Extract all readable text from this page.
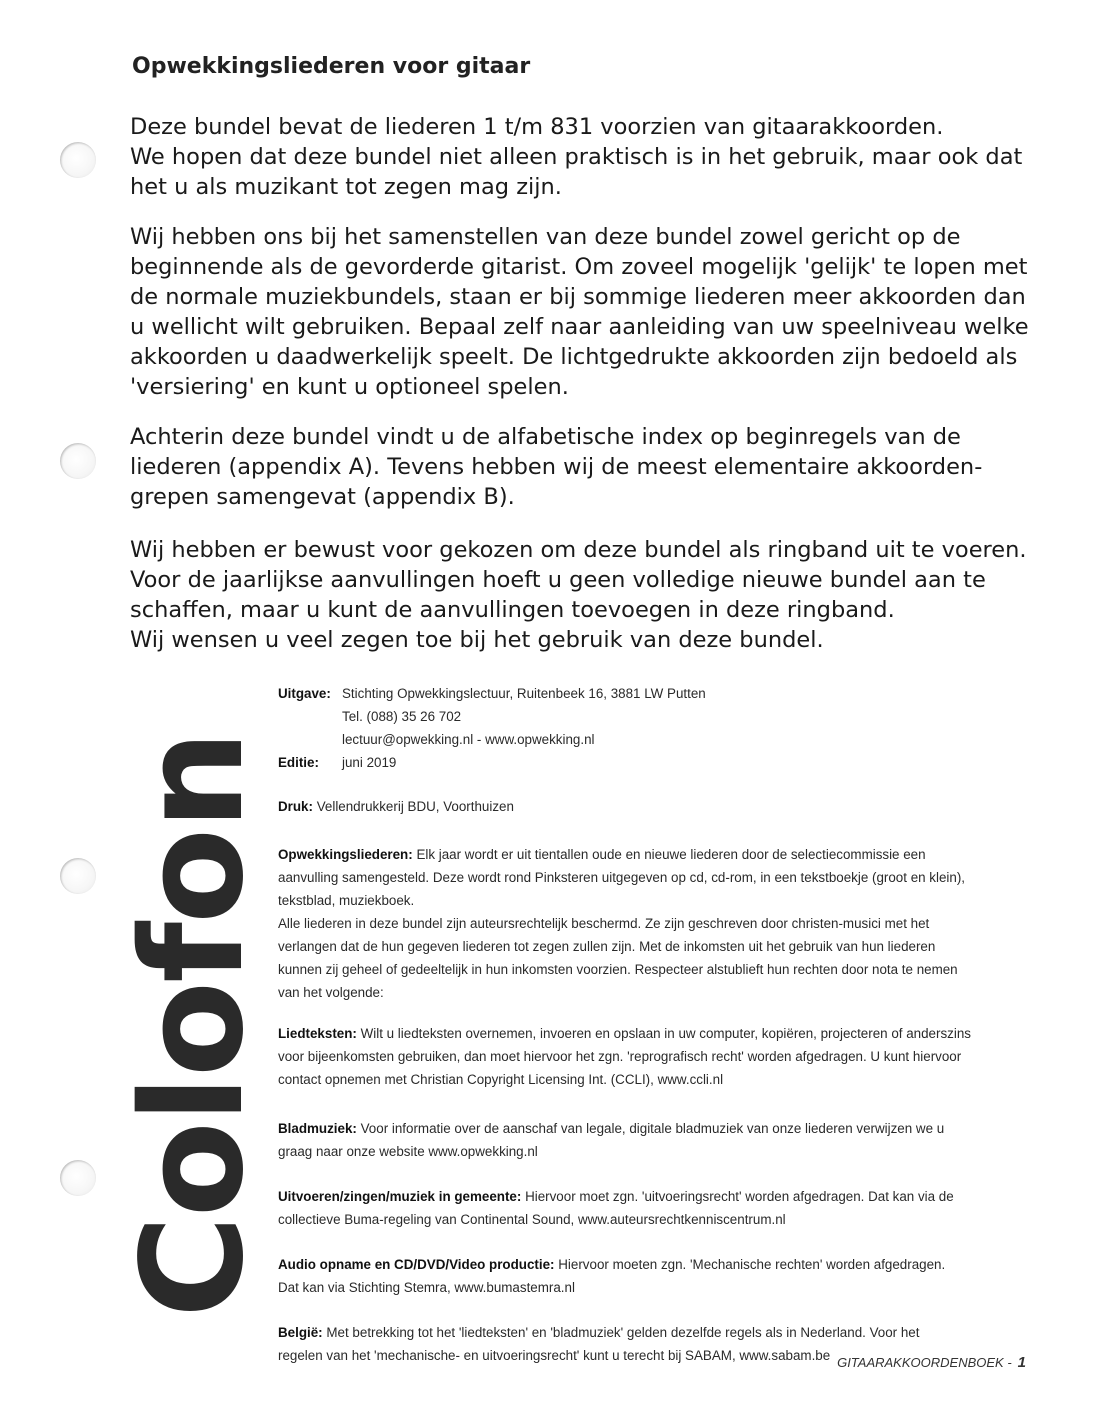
Opwekkingsliederen voor gitaar
Deze bundel bevat de liederen 1 t/m 831 voorzien van gitaarakkoorden.
We hopen dat deze bundel niet alleen praktisch is in het gebruik, maar ook dat
het u als muzikant tot zegen mag zijn.
Wij hebben ons bij het samenstellen van deze bundel zowel gericht op de
beginnende als de gevorderde gitarist. Om zoveel mogelijk 'gelijk' te lopen met
de normale muziekbundels, staan er bij sommige liederen meer akkoorden dan
u wellicht wilt gebruiken. Bepaal zelf naar aanleiding van uw speelniveau welke
akkoorden u daadwerkelijk speelt. De lichtgedrukte akkoorden zijn bedoeld als
'versiering' en kunt u optioneel spelen.
Achterin deze bundel vindt u de alfabetische index op beginregels van de
liederen (appendix A). Tevens hebben wij de meest elementaire akkoorden-
grepen samengevat (appendix B).
Wij hebben er bewust voor gekozen om deze bundel als ringband uit te voeren.
Voor de jaarlijkse aanvullingen hoeft u geen volledige nieuwe bundel aan te
schaffen, maar u kunt de aanvullingen toevoegen in deze ringband.
Wij wensen u veel zegen toe bij het gebruik van deze bundel.
Colofon
Uitgave: Stichting Opwekkingslectuur, Ruitenbeek 16, 3881 LW Putten
Tel. (088) 35 26 702
lectuur@opwekking.nl - www.opwekking.nl
Editie:	juni 2019
Druk: Vellendrukkerij BDU, Voorthuizen
Opwekkingsliederen: Elk jaar wordt er uit tientallen oude en nieuwe liederen door de selectiecommissie een
aanvulling samengesteld. Deze wordt rond Pinksteren uitgegeven op cd, cd-rom, in een tekstboekje (groot en klein),
tekstblad, muziekboek.
Alle liederen in deze bundel zijn auteursrechtelijk beschermd. Ze zijn geschreven door christen-musici met het
verlangen dat de hun gegeven liederen tot zegen zullen zijn. Met de inkomsten uit het gebruik van hun liederen
kunnen zij geheel of gedeeltelijk in hun inkomsten voorzien. Respecteer alstublieft hun rechten door nota te nemen
van het volgende:
Liedteksten: Wilt u liedteksten overnemen, invoeren en opslaan in uw computer, kopiëren, projecteren of anderszins
voor bijeenkomsten gebruiken, dan moet hiervoor het zgn. 'reprografisch recht' worden afgedragen. U kunt hiervoor
contact opnemen met Christian Copyright Licensing Int. (CCLI), www.ccli.nl
Bladmuziek: Voor informatie over de aanschaf van legale, digitale bladmuziek van onze liederen verwijzen we u
graag naar onze website www.opwekking.nl
Uitvoeren/zingen/muziek in gemeente: Hiervoor moet zgn. 'uitvoeringsrecht' worden afgedragen. Dat kan via de
collectieve Buma-regeling van Continental Sound, www.auteursrechtkenniscentrum.nl
Audio opname en CD/DVD/Video productie: Hiervoor moeten zgn. 'Mechanische rechten' worden afgedragen.
Dat kan via Stichting Stemra, www.bumastemra.nl
België: Met betrekking tot het 'liedteksten' en 'bladmuziek' gelden dezelfde regels als in Nederland. Voor het
regelen van het 'mechanische- en uitvoeringsrecht' kunt u terecht bij SABAM, www.sabam.be GITAARAKKOORDENBOEK - 1
